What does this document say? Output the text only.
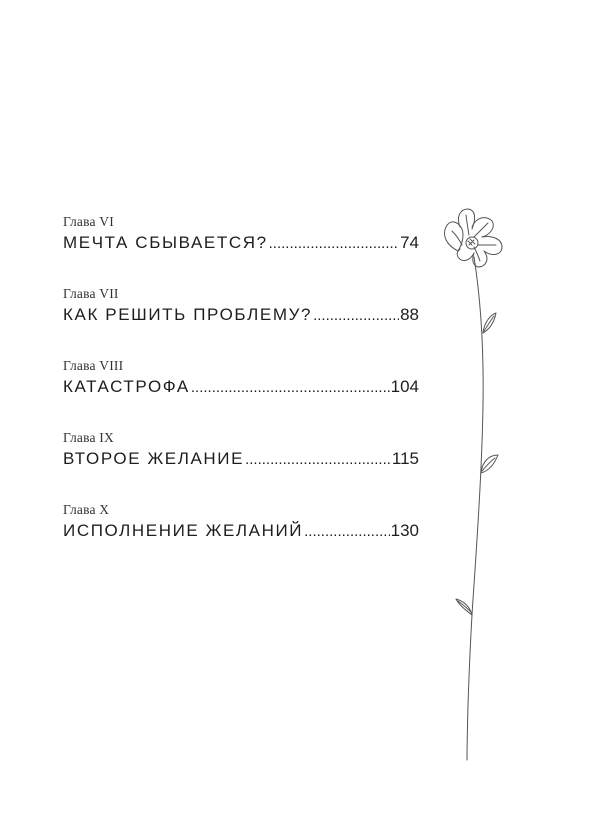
Глава VI
МЕЧТА СБЫВАЕТСЯ? .....	74
Глава VII
КАК РЕШИТЬ ПРОБЛЕМУ? .....	88
Глава VIII
КАТАСТРОФА .....	104
Глава IX
ВТОРОЕ ЖЕЛАНИЕ .....	115
Глава X
ИСПОЛНЕНИЕ ЖЕЛАНИЙ .....	130
